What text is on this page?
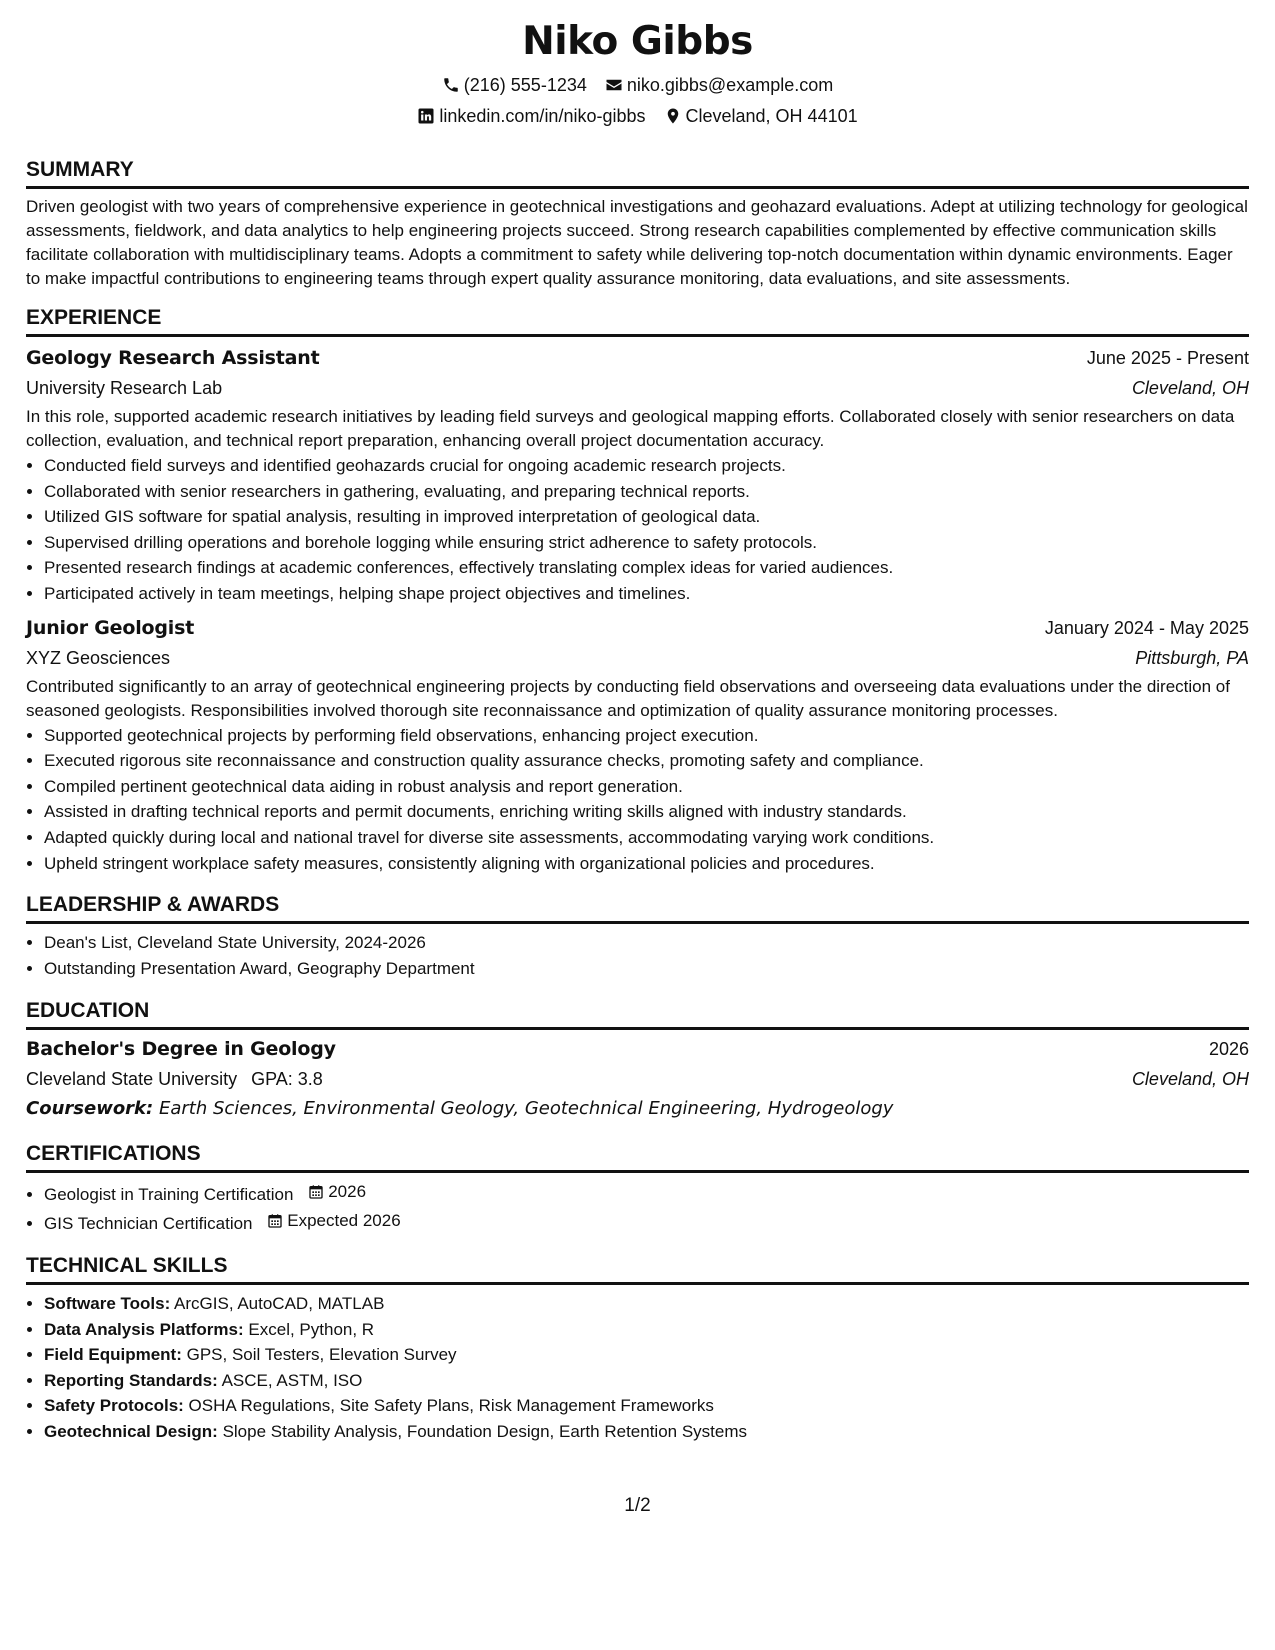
Niko Gibbs
(216) 555-1234 niko.gibbs@example.com
linkedin.com/in/niko-gibbs Cleveland, OH 44101
SUMMARY

Driven geologist with two years of comprehensive experience in geotechnical investigations and geohazard evaluations. Adept at utilizing technology for geological assessments, fieldwork, and data analytics to help engineering projects succeed. Strong research capabilities complemented by effective communication skills facilitate collaboration with multidisciplinary teams. Adopts a commitment to safety while delivering top-notch documentation within dynamic environments. Eager to make impactful contributions to engineering teams through expert quality assurance monitoring, data evaluations, and site assessments.

EXPERIENCE
Geology Research Assistant	June 2025 - Present
University Research Lab	Cleveland, OH

In this role, supported academic research initiatives by leading field surveys and geological mapping efforts. Collaborated closely with senior researchers on data collection, evaluation, and technical report preparation, enhancing overall project documentation accuracy.

• Conducted field surveys and identified geohazards crucial for ongoing academic research projects.
• Collaborated with senior researchers in gathering, evaluating, and preparing technical reports.
• Utilized GIS software for spatial analysis, resulting in improved interpretation of geological data.
• Supervised drilling operations and borehole logging while ensuring strict adherence to safety protocols.
• Presented research findings at academic conferences, effectively translating complex ideas for varied audiences.
• Participated actively in team meetings, helping shape project objectives and timelines.
Junior Geologist	January 2024 - May 2025
XYZ Geosciences	Pittsburgh, PA

Contributed significantly to an array of geotechnical engineering projects by conducting field observations and overseeing data evaluations under the direction of seasoned geologists. Responsibilities involved thorough site reconnaissance and optimization of quality assurance monitoring processes.

• Supported geotechnical projects by performing field observations, enhancing project execution.
• Executed rigorous site reconnaissance and construction quality assurance checks, promoting safety and compliance.
• Compiled pertinent geotechnical data aiding in robust analysis and report generation.
• Assisted in drafting technical reports and permit documents, enriching writing skills aligned with industry standards.
• Adapted quickly during local and national travel for diverse site assessments, accommodating varying work conditions.
• Upheld stringent workplace safety measures, consistently aligning with organizational policies and procedures.
LEADERSHIP & AWARDS
• Dean's List, Cleveland State University, 2024-2026
• Outstanding Presentation Award, Geography Department
EDUCATION
Bachelor's Degree in Geology	2026
Cleveland State University GPA: 3.8	Cleveland, OH
Coursework: Earth Sciences, Environmental Geology, Geotechnical Engineering, Hydrogeology
CERTIFICATIONS
• Geologist in Training Certification 2026
• GIS Technician Certification Expected 2026
TECHNICAL SKILLS
• Software Tools: ArcGIS, AutoCAD, MATLAB
• Data Analysis Platforms: Excel, Python, R
• Field Equipment: GPS, Soil Testers, Elevation Survey
• Reporting Standards: ASCE, ASTM, ISO
• Safety Protocols: OSHA Regulations, Site Safety Plans, Risk Management Frameworks
• Geotechnical Design: Slope Stability Analysis, Foundation Design, Earth Retention Systems
1/2
